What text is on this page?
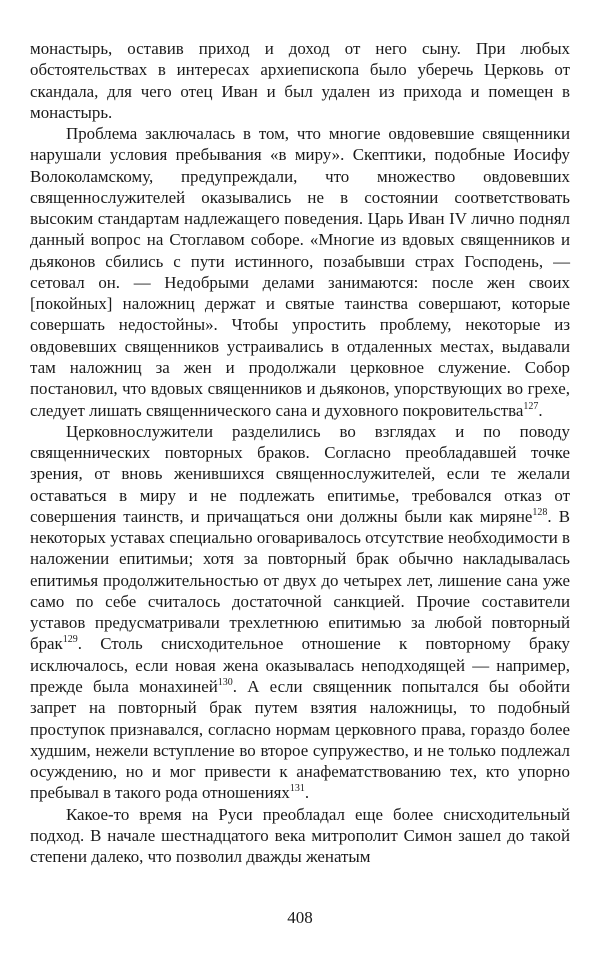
монастырь, оставив приход и доход от него сыну. При любых обстоятельствах в интересах архиепископа было уберечь Церковь от скандала, для чего отец Иван и был удален из прихода и помещен в монастырь.

Проблема заключалась в том, что многие овдовевшие священники нарушали условия пребывания «в миру». Скептики, подобные Иосифу Волоколамскому, предупреждали, что множество овдовевших священнослужителей оказывались не в состоянии соответствовать высоким стандартам надлежащего поведения. Царь Иван IV лично поднял данный вопрос на Стоглавом соборе. «Многие из вдовых священников и дьяконов сбились с пути истинного, позабывши страх Господень, — сетовал он. — Недобрыми делами занимаются: после жен своих [покойных] наложниц держат и святые таинства совершают, которые совершать недостойны». Чтобы упростить проблему, некоторые из овдовевших священников устраивались в отдаленных местах, выдавали там наложниц за жен и продолжали церковное служение. Собор постановил, что вдовых священников и дьяконов, упорствующих во грехе, следует лишать священнического сана и духовного покровительства$^{127}$.

Церковнослужители разделились во взглядах и по поводу священнических повторных браков. Согласно преобладавшей точке зрения, от вновь женившихся священнослужителей, если те желали оставаться в миру и не подлежать епитимье, требовался отказ от совершения таинств, и причащаться они должны были как миряне$^{128}$. В некоторых уставах специально оговаривалось отсутствие необходимости в наложении епитимьи; хотя за повторный брак обычно накладывалась епитимья продолжительностью от двух до четырех лет, лишение сана уже само по себе считалось достаточной санкцией. Прочие составители уставов предусматривали трехлетнюю епитимью за любой повторный брак$^{129}$. Столь снисходительное отношение к повторному браку исключалось, если новая жена оказывалась неподходящей — например, прежде была монахиней$^{130}$. А если священник попытался бы обойти запрет на повторный брак путем взятия наложницы, то подобный проступок признавался, согласно нормам церковного права, гораздо более худшим, нежели вступление во второе супружество, и не только подлежал осуждению, но и мог привести к анафематствованию тех, кто упорно пребывал в такого рода отношениях$^{131}$.

Какое-то время на Руси преобладал еще более снисходительный подход. В начале шестнадцатого века митрополит Симон зашел до такой степени далеко, что позволил дважды женатым

408
